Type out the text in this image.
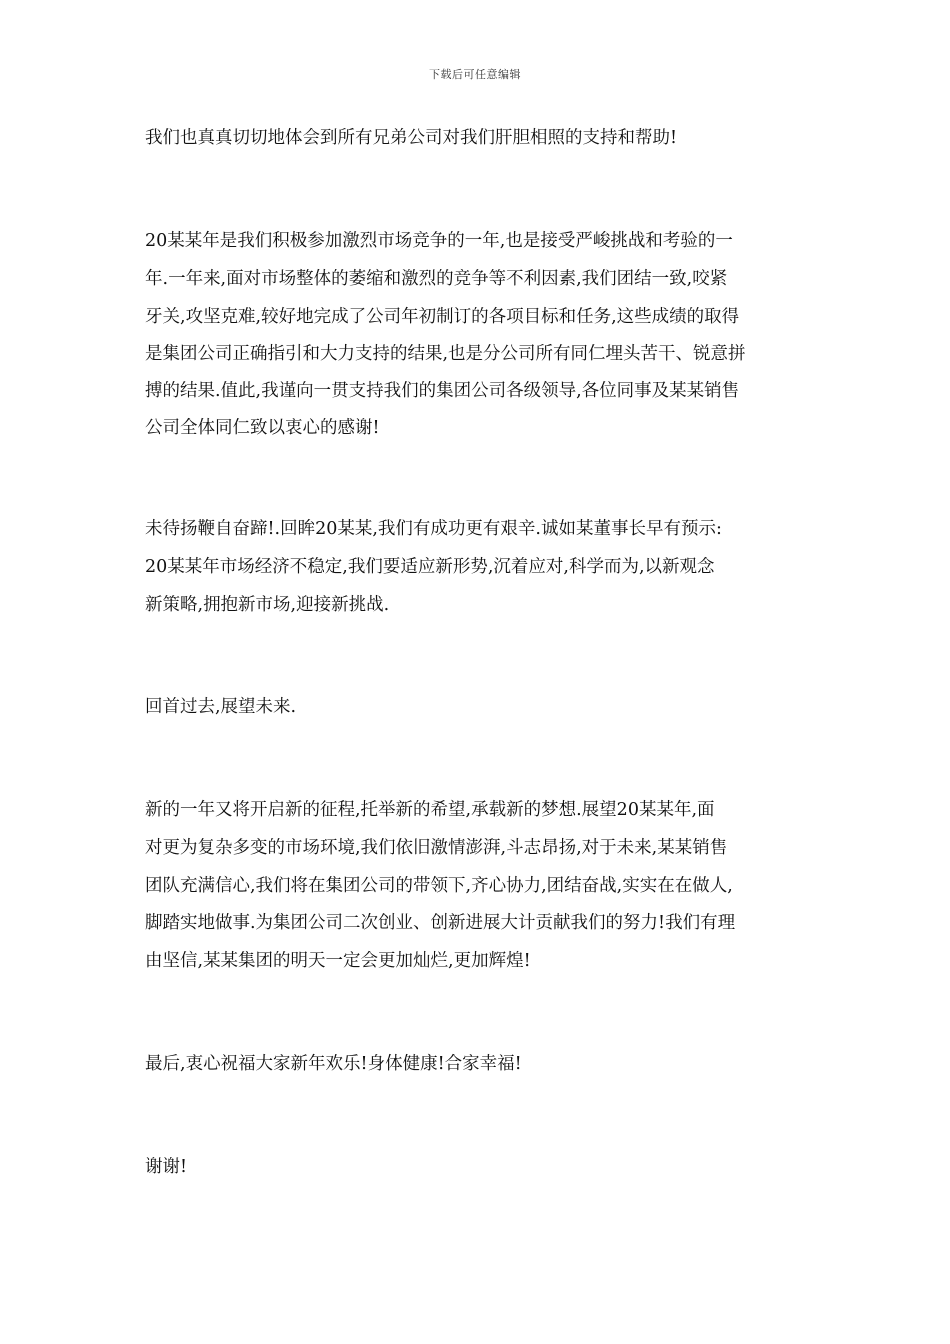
下载后可任意编辑
我们也真真切切地体会到所有兄弟公司对我们肝胆相照的支持和帮助!
20某某年是我们积极参加激烈市场竞争的一年,也是接受严峻挑战和考验的一
年.一年来,面对市场整体的萎缩和激烈的竞争等不利因素,我们团结一致,咬紧
牙关,攻坚克难,较好地完成了公司年初制订的各项目标和任务,这些成绩的取得
是集团公司正确指引和大力支持的结果,也是分公司所有同仁埋头苦干、锐意拼
搏的结果.值此,我谨向一贯支持我们的集团公司各级领导,各位同事及某某销售
公司全体同仁致以衷心的感谢!
未待扬鞭自奋蹄!.回眸20某某,我们有成功更有艰辛.诚如某董事长早有预示:
20某某年市场经济不稳定,我们要适应新形势,沉着应对,科学而为,以新观念
新策略,拥抱新市场,迎接新挑战.
回首过去,展望未来.
新的一年又将开启新的征程,托举新的希望,承载新的梦想.展望20某某年,面
对更为复杂多变的市场环境,我们依旧激情澎湃,斗志昂扬,对于未来,某某销售
团队充满信心,我们将在集团公司的带领下,齐心协力,团结奋战,实实在在做人,
脚踏实地做事.为集团公司二次创业、创新进展大计贡献我们的努力!我们有理
由坚信,某某集团的明天一定会更加灿烂,更加辉煌!
最后,衷心祝福大家新年欢乐!身体健康!合家幸福!
谢谢!
